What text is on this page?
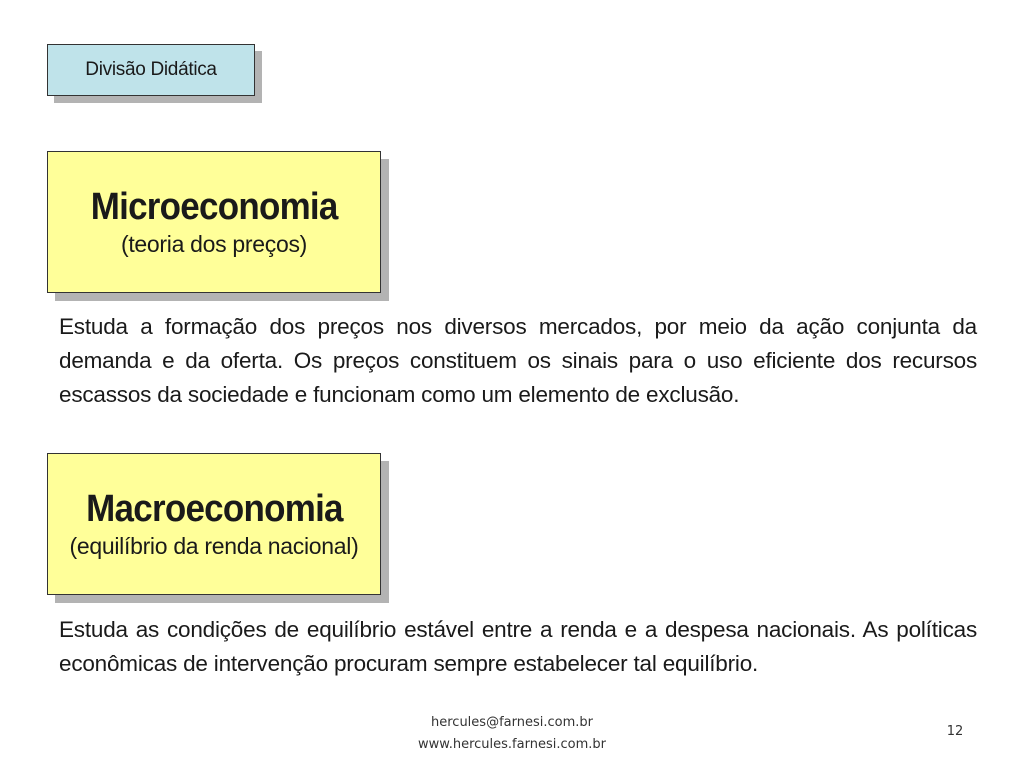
Divisão Didática
Microeconomia
(teoria dos preços)
Estuda a formação dos preços nos diversos mercados, por meio da ação conjunta da demanda e da oferta. Os preços constituem os sinais para o uso eficiente dos recursos escassos da sociedade e funcionam como um elemento de exclusão.
Macroeconomia
(equilíbrio da renda nacional)
Estuda as condições de equilíbrio estável entre a renda e a despesa nacionais. As políticas econômicas de intervenção procuram sempre estabelecer tal equilíbrio.
hercules@farnesi.com.br
www.hercules.farnesi.com.br
12
